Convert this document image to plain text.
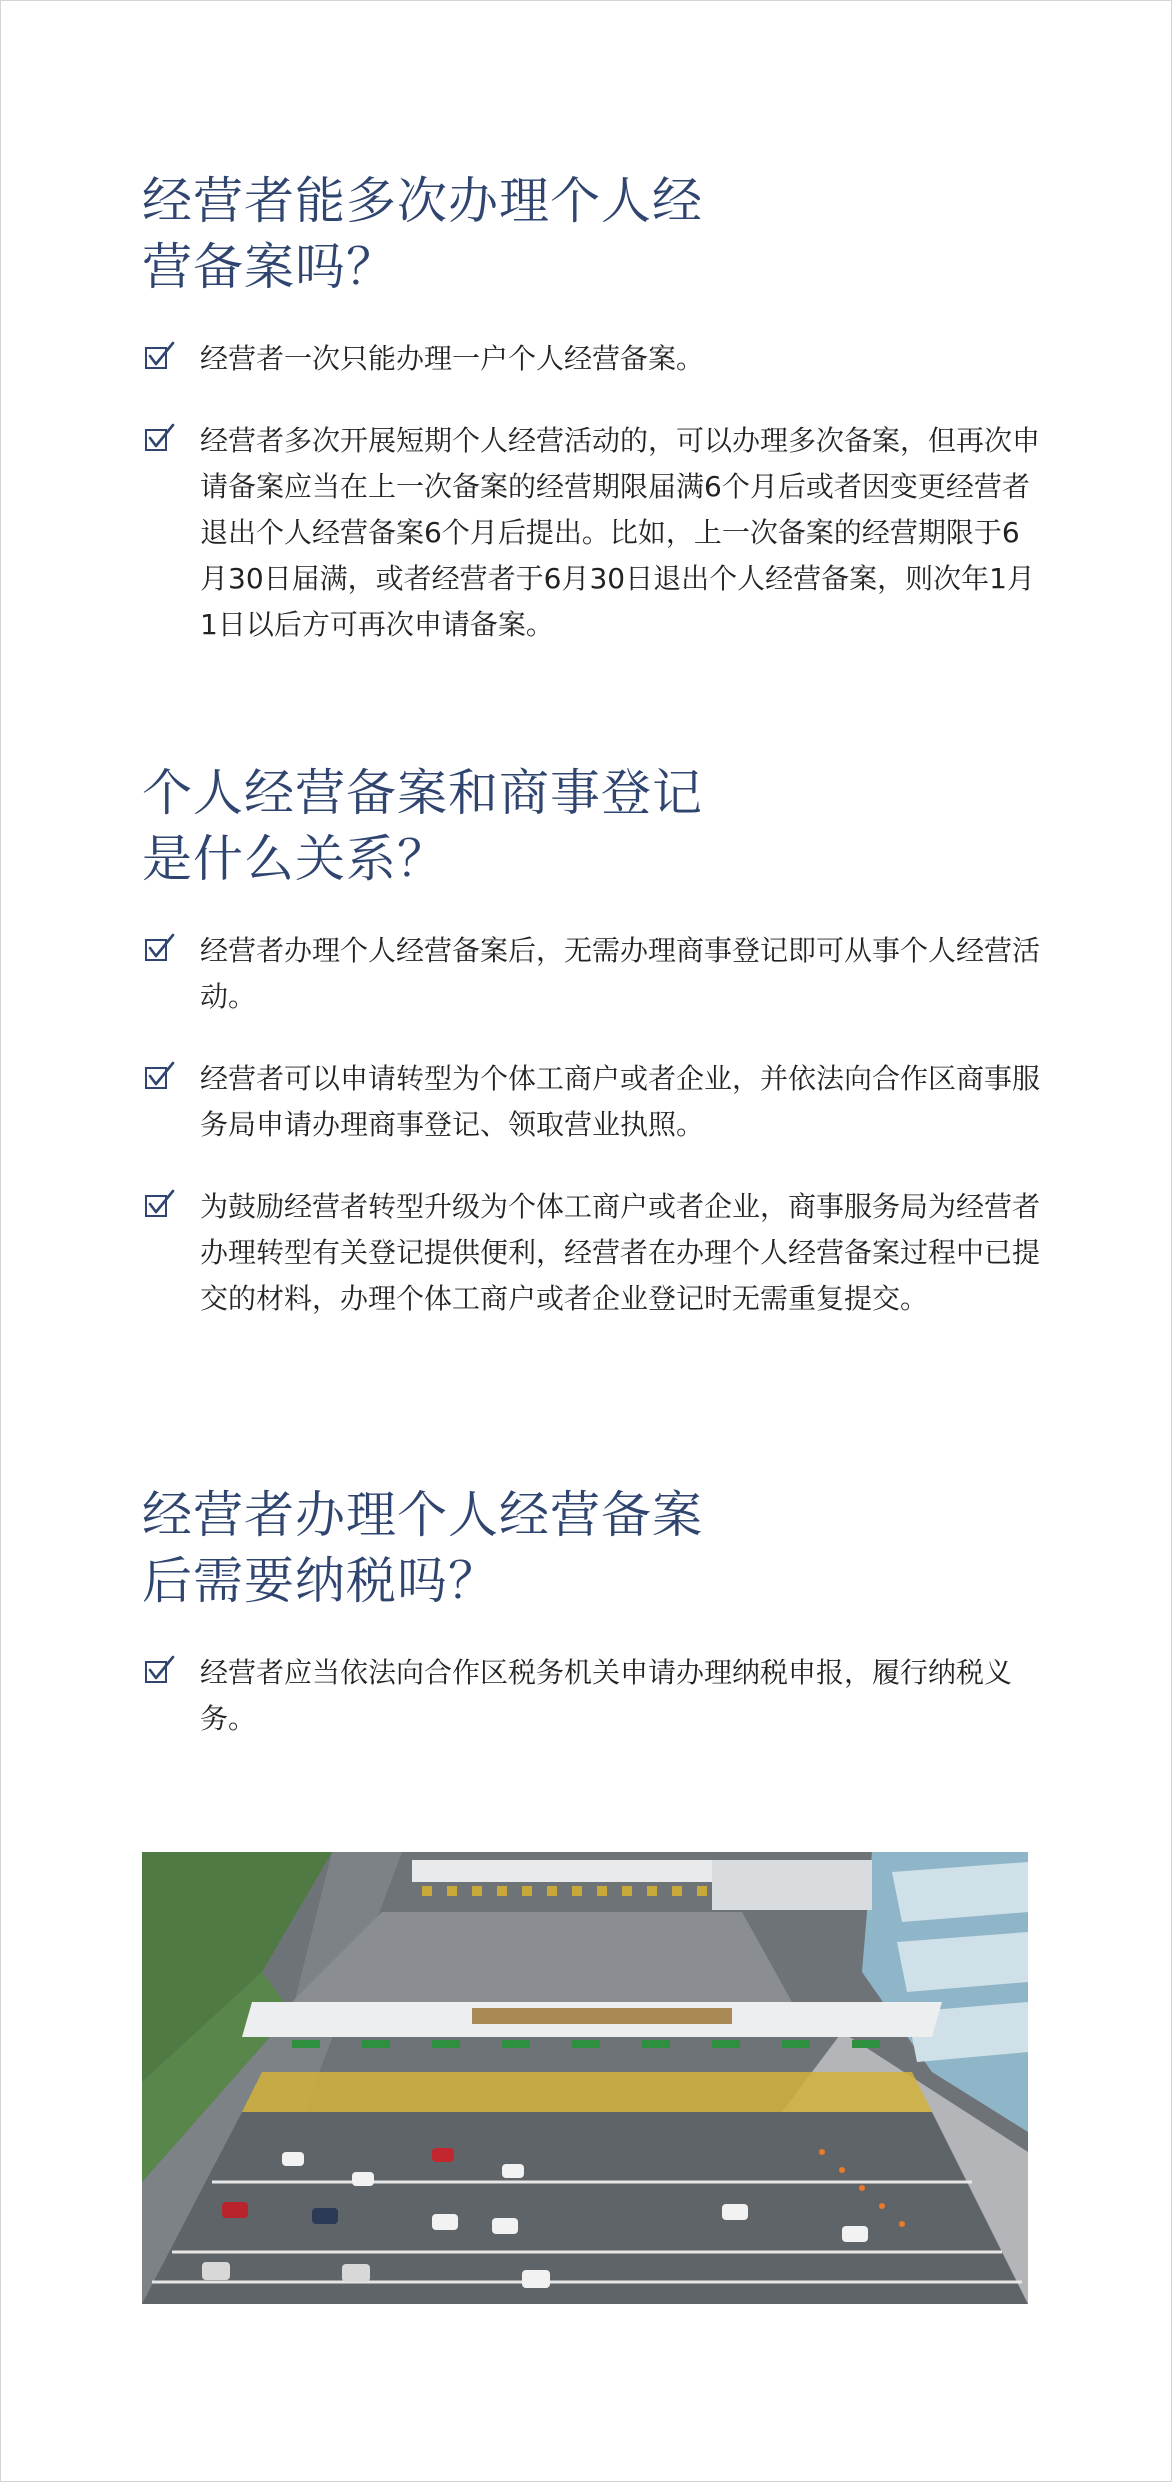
经营者能多次办理个人经
营备案吗？

经营者一次只能办理一户个人经营备案。

经营者多次开展短期个人经营活动的，可以办理多次备案，但再次申请备案应当在上一次备案的经营期限届满6个月后或者因变更经营者退出个人经营备案6个月后提出。比如，上一次备案的经营期限于6月30日届满，或者经营者于6月30日退出个人经营备案，则次年1月1日以后方可再次申请备案。

个人经营备案和商事登记
是什么关系？

经营者办理个人经营备案后，无需办理商事登记即可从事个人经营活动。

经营者可以申请转型为个体工商户或者企业，并依法向合作区商事服务局申请办理商事登记、领取营业执照。

为鼓励经营者转型升级为个体工商户或者企业，商事服务局为经营者办理转型有关登记提供便利，经营者在办理个人经营备案过程中已提交的材料，办理个体工商户或者企业登记时无需重复提交。

经营者办理个人经营备案
后需要纳税吗？

经营者应当依法向合作区税务机关申请办理纳税申报，履行纳税义务。
